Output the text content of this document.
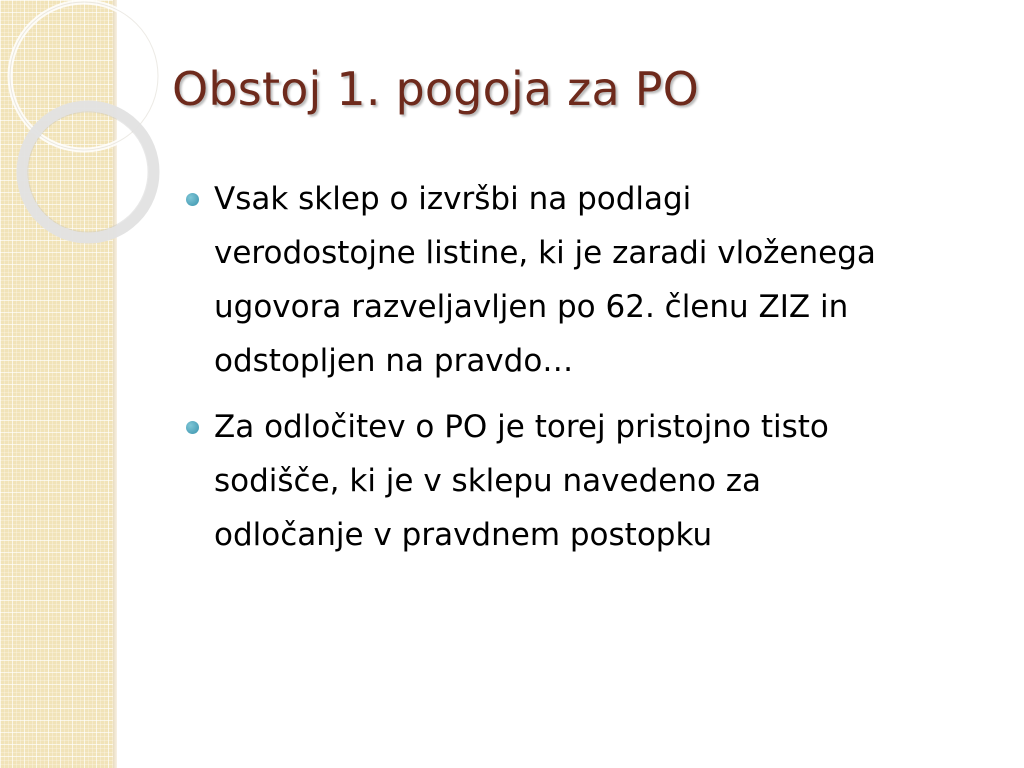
Obstoj 1. pogoja za PO
Vsak sklep o izvršbi na podlagi
verodostojne listine, ki je zaradi vloženega
ugovora razveljavljen po 62. členu ZIZ in
odstopljen na pravdo…
Za odločitev o PO je torej pristojno tisto
sodišče, ki je v sklepu navedeno za
odločanje v pravdnem postopku
